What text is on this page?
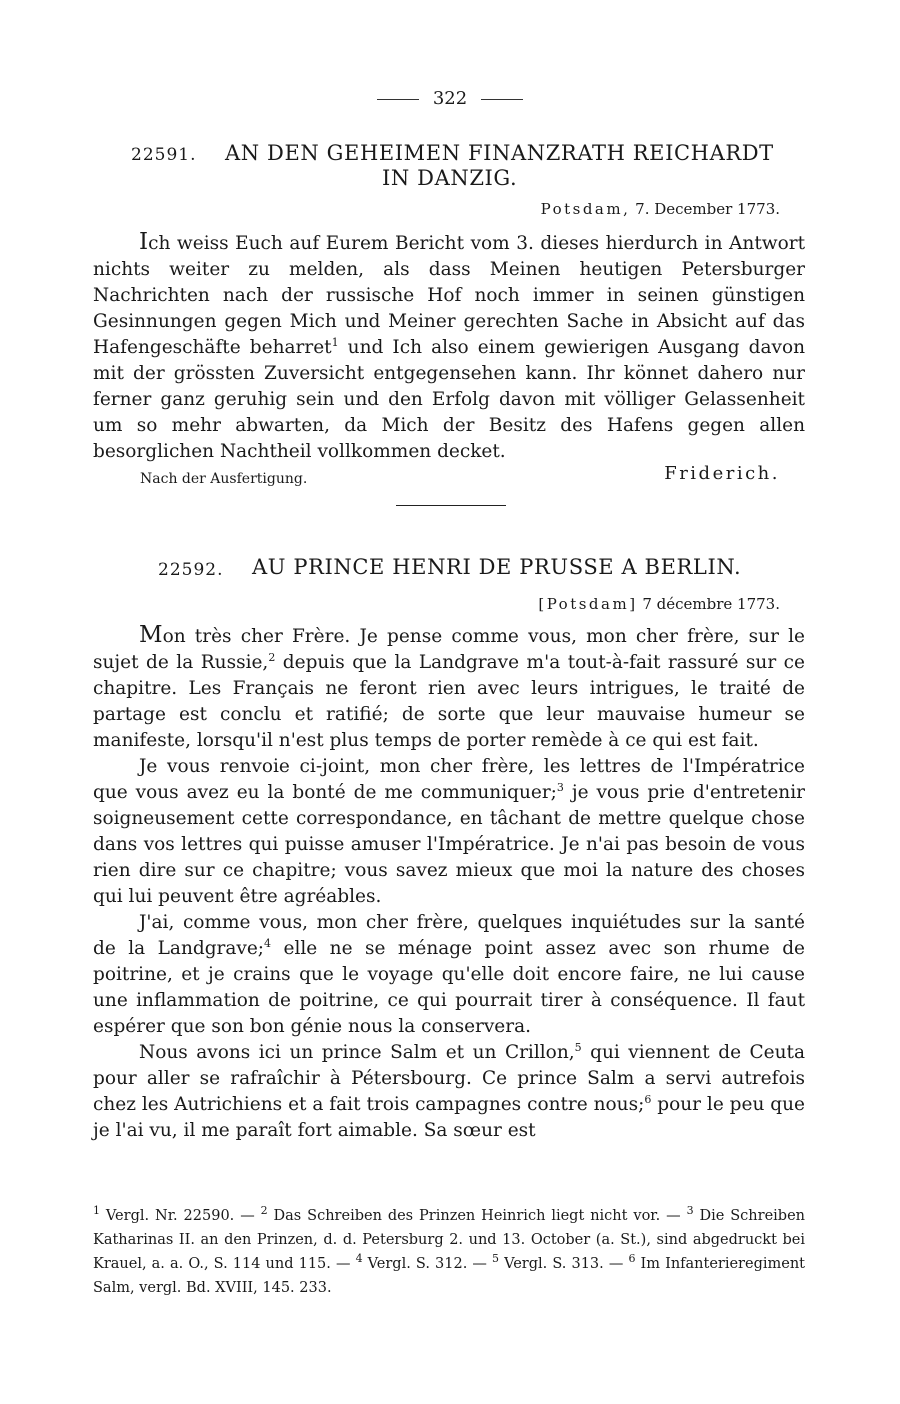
322
22591. AN DEN GEHEIMEN FINANZRATH REICHARDT
IN DANZIG.
Potsdam, 7. December 1773.

Ich weiss Euch auf Eurem Bericht vom 3. dieses hierdurch in Antwort nichts weiter zu melden, als dass Meinen heutigen Petersburger Nachrichten nach der russische Hof noch immer in seinen günstigen Gesinnungen gegen Mich und Meiner gerechten Sache in Absicht auf das Hafengeschäfte beharret$^1$ und Ich also einem gewierigen Ausgang davon mit der grössten Zuversicht entgegensehen kann. Ihr könnet dahero nur ferner ganz geruhig sein und den Erfolg davon mit völliger Gelassenheit um so mehr abwarten, da Mich der Besitz des Hafens gegen allen besorglichen Nachtheil vollkommen decket.

Nach der Ausfertigung.	Friderich.
22592. AU PRINCE HENRI DE PRUSSE A BERLIN.
[Potsdam] 7 décembre 1773.

Mon très cher Frère. Je pense comme vous, mon cher frère, sur le sujet de la Russie,$^2$ depuis que la Landgrave m'a tout-à-fait rassuré sur ce chapitre. Les Français ne feront rien avec leurs intrigues, le traité de partage est conclu et ratifié; de sorte que leur mauvaise humeur se manifeste, lorsqu'il n'est plus temps de porter remède à ce qui est fait.

Je vous renvoie ci-joint, mon cher frère, les lettres de l'Impératrice que vous avez eu la bonté de me communiquer;$^3$ je vous prie d'entretenir soigneusement cette correspondance, en tâchant de mettre quelque chose dans vos lettres qui puisse amuser l'Impératrice. Je n'ai pas besoin de vous rien dire sur ce chapitre; vous savez mieux que moi la nature des choses qui lui peuvent être agréables.

J'ai, comme vous, mon cher frère, quelques inquiétudes sur la santé de la Landgrave;$^4$ elle ne se ménage point assez avec son rhume de poitrine, et je crains que le voyage qu'elle doit encore faire, ne lui cause une inflammation de poitrine, ce qui pourrait tirer à conséquence. Il faut espérer que son bon génie nous la conservera.

Nous avons ici un prince Salm et un Crillon,$^5$ qui viennent de Ceuta pour aller se rafraîchir à Pétersbourg. Ce prince Salm a servi autrefois chez les Autrichiens et a fait trois campagnes contre nous;$^6$ pour le peu que je l'ai vu, il me paraît fort aimable. Sa sœur est

$^1$ Vergl. Nr. 22590. — $^2$ Das Schreiben des Prinzen Heinrich liegt nicht vor. — $^3$ Die Schreiben Katharinas II. an den Prinzen, d. d. Petersburg 2. und 13. October (a. St.), sind abgedruckt bei Krauel, a. a. O., S. 114 und 115. — $^4$ Vergl. S. 312. — $^5$ Vergl. S. 313. — $^6$ Im Infanterieregiment Salm, vergl. Bd. XVIII, 145. 233.
